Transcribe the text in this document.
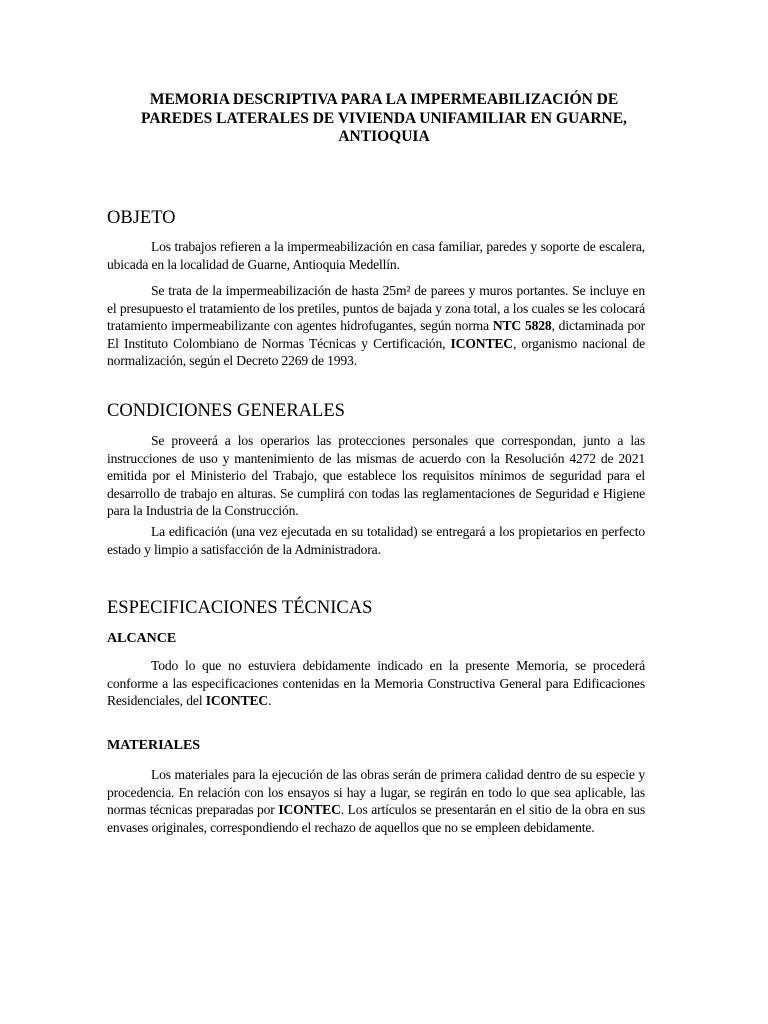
MEMORIA DESCRIPTIVA PARA LA IMPERMEABILIZACIÓN DE
PAREDES LATERALES DE VIVIENDA UNIFAMILIAR EN GUARNE,
ANTIOQUIA
OBJETO

Los trabajos refieren a la impermeabilización en casa familiar, paredes y soporte de escalera, ubicada en la localidad de Guarne, Antioquia Medellín.

Se trata de la impermeabilización de hasta 25m² de parees y muros portantes. Se incluye en el presupuesto el tratamiento de los pretiles, puntos de bajada y zona total, a los cuales se les colocará tratamiento impermeabilizante con agentes hidrofugantes, según norma NTC 5828, dictaminada por El Instituto Colombiano de Normas Técnicas y Certificación, ICONTEC, organismo nacional de normalización, según el Decreto 2269 de 1993.

CONDICIONES GENERALES

Se proveerá a los operarios las protecciones personales que correspondan, junto a las instrucciones de uso y mantenimiento de las mismas de acuerdo con la Resolución 4272 de 2021 emitida por el Ministerio del Trabajo, que establece los requisitos mínimos de seguridad para el desarrollo de trabajo en alturas. Se cumplirá con todas las reglamentaciones de Seguridad e Higiene para la Industria de la Construcción.

La edificación (una vez ejecutada en su totalidad) se entregará a los propietarios en perfecto estado y limpio a satisfacción de la Administradora.

ESPECIFICACIONES TÉCNICAS
ALCANCE

Todo lo que no estuviera debidamente indicado en la presente Memoria, se procederá conforme a las especificaciones contenidas en la Memoria Constructiva General para Edificaciones Residenciales, del ICONTEC.

MATERIALES

Los materiales para la ejecución de las obras serán de primera calidad dentro de su especie y procedencia. En relación con los ensayos si hay a lugar, se regirán en todo lo que sea aplicable, las normas técnicas preparadas por ICONTEC. Los artículos se presentarán en el sitio de la obra en sus envases originales, correspondiendo el rechazo de aquellos que no se empleen debidamente.
